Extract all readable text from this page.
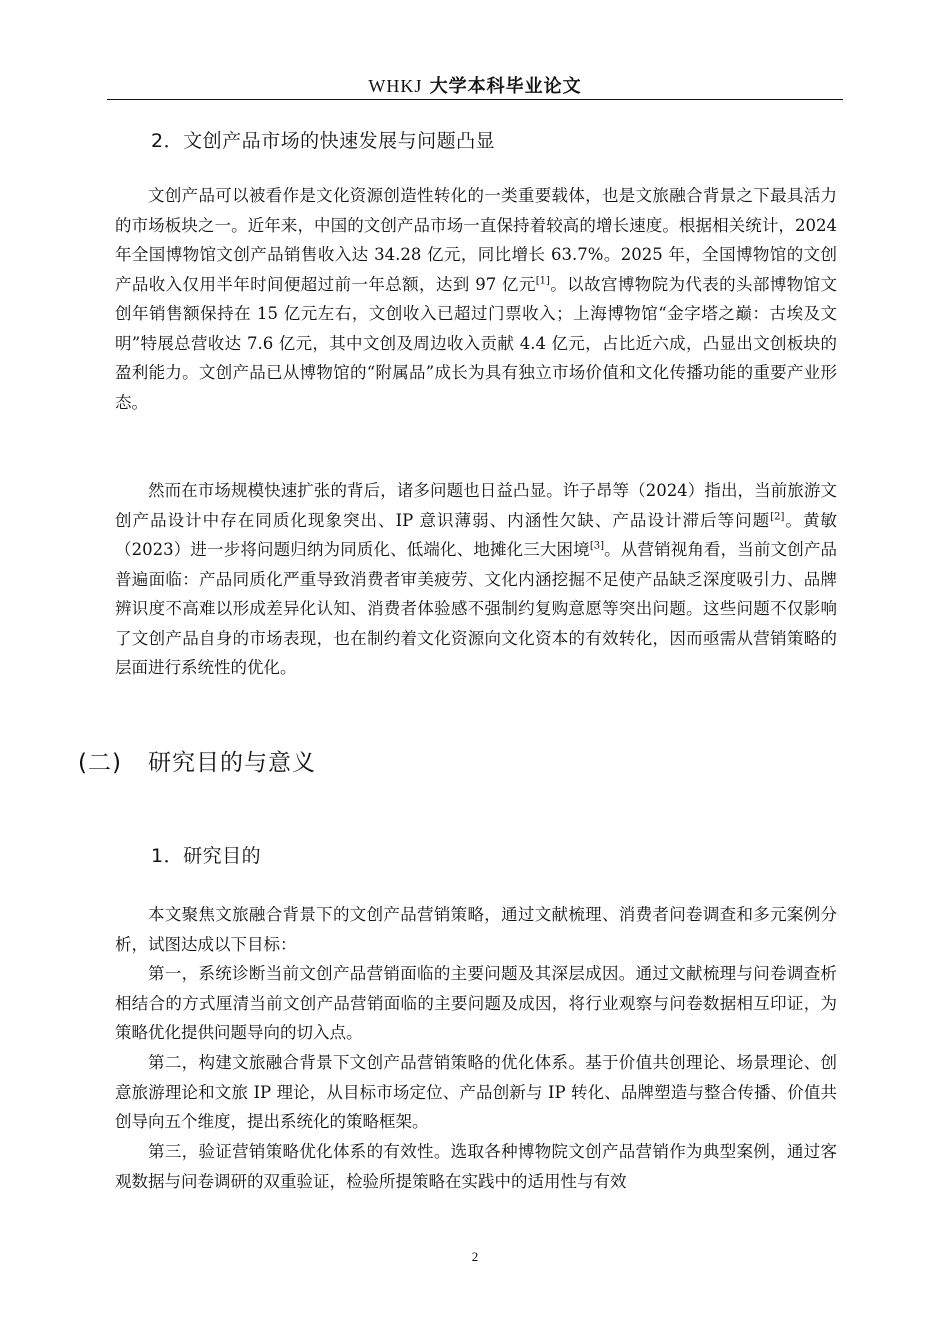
WHKJ 大学本科毕业论文
2．文创产品市场的快速发展与问题凸显

文创产品可以被看作是文化资源创造性转化的一类重要载体，也是文旅融合背景之下最具活力的市场板块之一。近年来，中国的文创产品市场一直保持着较高的增长速度。根据相关统计，2024年全国博物馆文创产品销售收入达 34.28 亿元，同比增长 63.7%。2025 年，全国博物馆的文创产品收入仅用半年时间便超过前一年总额，达到 97 亿元[1]。以故宫博物院为代表的头部博物馆文创年销售额保持在 15 亿元左右，文创收入已超过门票收入；上海博物馆“金字塔之巅：古埃及文明”特展总营收达 7.6 亿元，其中文创及周边收入贡献 4.4 亿元，占比近六成，凸显出文创板块的盈利能力。文创产品已从博物馆的“附属品”成长为具有独立市场价值和文化传播功能的重要产业形态。

然而在市场规模快速扩张的背后，诸多问题也日益凸显。许子昂等（2024）指出，当前旅游文创产品设计中存在同质化现象突出、IP 意识薄弱、内涵性欠缺、产品设计滞后等问题[2]。黄敏（2023）进一步将问题归纳为同质化、低端化、地摊化三大困境[3]。从营销视角看，当前文创产品普遍面临：产品同质化严重导致消费者审美疲劳、文化内涵挖掘不足使产品缺乏深度吸引力、品牌辨识度不高难以形成差异化认知、消费者体验感不强制约复购意愿等突出问题。这些问题不仅影响了文创产品自身的市场表现，也在制约着文化资源向文化资本的有效转化，因而亟需从营销策略的层面进行系统性的优化。

(二) 研究目的与意义
1．研究目的

本文聚焦文旅融合背景下的文创产品营销策略，通过文献梳理、消费者问卷调查和多元案例分析，试图达成以下目标：

第一，系统诊断当前文创产品营销面临的主要问题及其深层成因。通过文献梳理与问卷调查析相结合的方式厘清当前文创产品营销面临的主要问题及成因，将行业观察与问卷数据相互印证，为策略优化提供问题导向的切入点。

第二，构建文旅融合背景下文创产品营销策略的优化体系。基于价值共创理论、场景理论、创意旅游理论和文旅 IP 理论，从目标市场定位、产品创新与 IP 转化、品牌塑造与整合传播、价值共创导向五个维度，提出系统化的策略框架。

第三，验证营销策略优化体系的有效性。选取各种博物院文创产品营销作为典型案例，通过客观数据与问卷调研的双重验证，检验所提策略在实践中的适用性与有效

2
